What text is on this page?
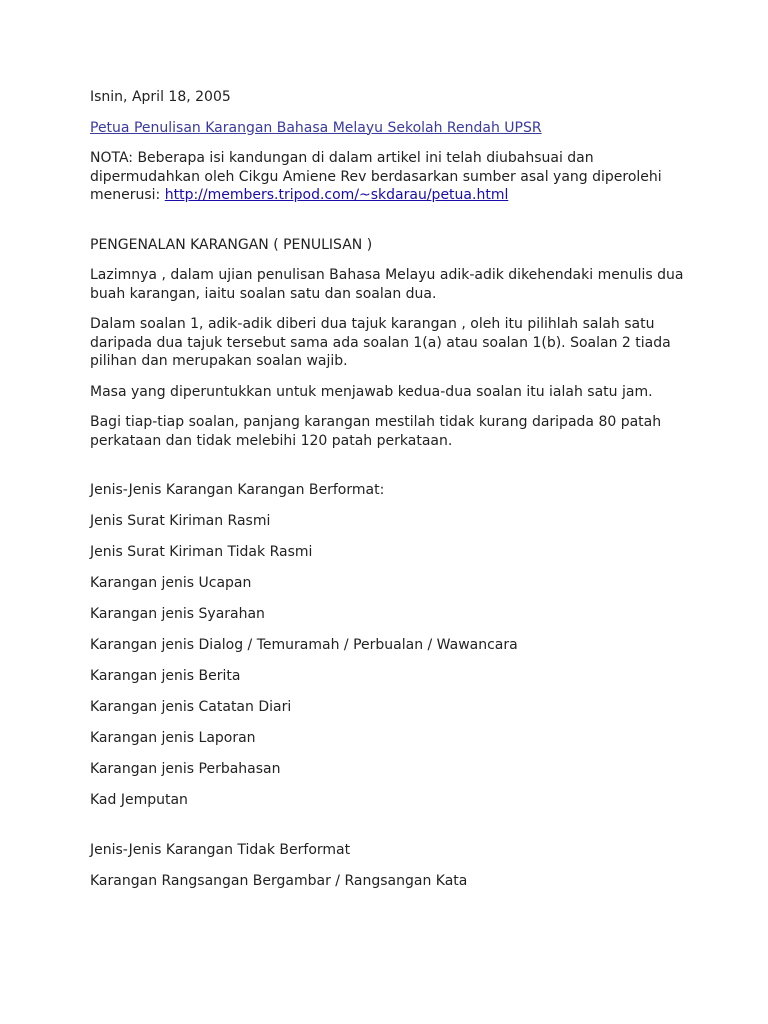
Isnin, April 18, 2005

Petua Penulisan Karangan Bahasa Melayu Sekolah Rendah UPSR

NOTA: Beberapa isi kandungan di dalam artikel ini telah diubahsuai dan dipermudahkan oleh Cikgu Amiene Rev berdasarkan sumber asal yang diperolehi menerusi: http://members.tripod.com/~skdarau/petua.html

PENGENALAN KARANGAN ( PENULISAN )

Lazimnya , dalam ujian penulisan Bahasa Melayu adik-adik dikehendaki menulis dua buah karangan, iaitu soalan satu dan soalan dua.

Dalam soalan 1, adik-adik diberi dua tajuk karangan , oleh itu pilihlah salah satu daripada dua tajuk tersebut sama ada soalan 1(a) atau soalan 1(b). Soalan 2 tiada pilihan dan merupakan soalan wajib.

Masa yang diperuntukkan untuk menjawab kedua-dua soalan itu ialah satu jam.

Bagi tiap-tiap soalan, panjang karangan mestilah tidak kurang daripada 80 patah perkataan dan tidak melebihi 120 patah perkataan.

Jenis-Jenis Karangan Karangan Berformat:

Jenis Surat Kiriman Rasmi

Jenis Surat Kiriman Tidak Rasmi

Karangan jenis Ucapan

Karangan jenis Syarahan

Karangan jenis Dialog / Temuramah / Perbualan / Wawancara

Karangan jenis Berita

Karangan jenis Catatan Diari

Karangan jenis Laporan

Karangan jenis Perbahasan

Kad Jemputan

Jenis-Jenis Karangan Tidak Berformat

Karangan Rangsangan Bergambar / Rangsangan Kata
